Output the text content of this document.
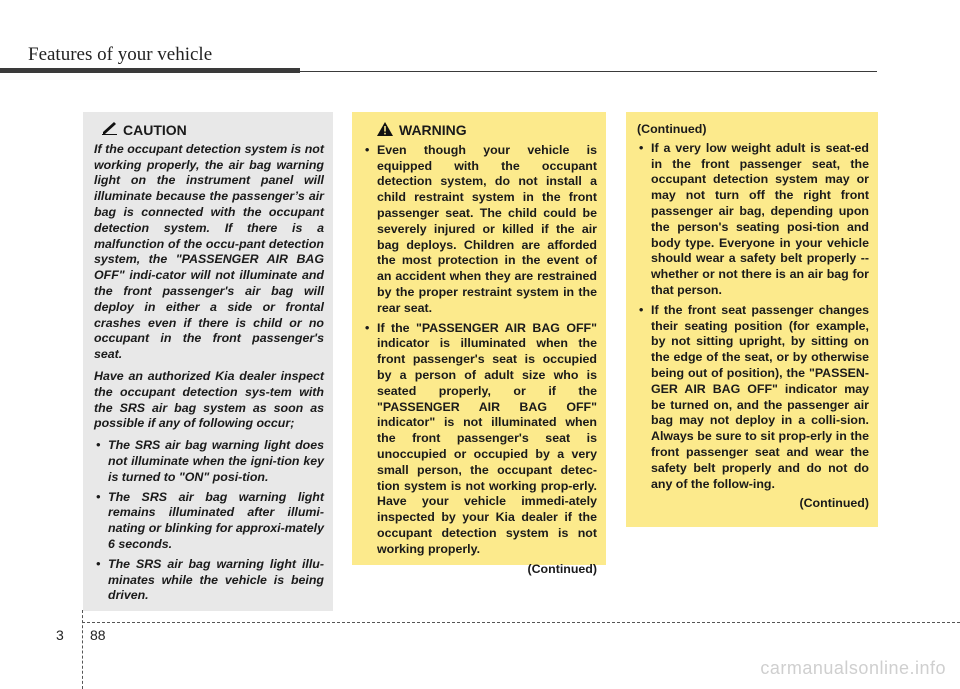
Features of your vehicle
CAUTION

If the occupant detection system is not working properly, the air bag warning light on the instrument panel will illuminate because the passenger’s air bag is connected with the occupant detection system. If there is a malfunction of the occu-pant detection system, the "PASSENGER AIR BAG OFF" indi-cator will not illuminate and the front passenger's air bag will deploy in either a side or frontal crashes even if there is child or no occupant in the front passenger's seat.

Have an authorized Kia dealer inspect the occupant detection sys-tem with the SRS air bag system as soon as possible if any of following occur;

• The SRS air bag warning light does not illuminate when the igni-tion key is turned to "ON" posi-tion.
• The SRS air bag warning light remains illuminated after illumi-nating or blinking for approxi-mately 6 seconds.
• The SRS air bag warning light illu-minates while the vehicle is being driven.
WARNING
• Even though your vehicle is equipped with the occupant detection system, do not install a child restraint system in the front passenger seat. The child could be severely injured or killed if the air bag deploys. Children are afforded the most protection in the event of an accident when they are restrained by the proper restraint system in the rear seat.
• If the "PASSENGER AIR BAG OFF" indicator is illuminated when the front passenger's seat is occupied by a person of adult size who is seated properly, or if the "PASSENGER AIR BAG OFF" indicator" is not illuminated when the front passenger's seat is unoccupied or occupied by a very small person, the occupant detec-tion system is not working prop-erly. Have your vehicle immedi-ately inspected by your Kia dealer if the occupant detection system is not working properly.
(Continued)
(Continued)
• If a very low weight adult is seat-ed in the front passenger seat, the occupant detection system may or may not turn off the right front passenger air bag, depending upon the person's seating posi-tion and body type. Everyone in your vehicle should wear a safety belt properly -- whether or not there is an air bag for that person.
• If the front seat passenger changes their seating position (for example, by not sitting upright, by sitting on the edge of the seat, or by otherwise being out of position), the "PASSEN-GER AIR BAG OFF" indicator may be turned on, and the passenger air bag may not deploy in a colli-sion. Always be sure to sit prop-erly in the front passenger seat and wear the safety belt properly and do not do any of the follow-ing.
(Continued)
3 88
carmanualsonline.info
